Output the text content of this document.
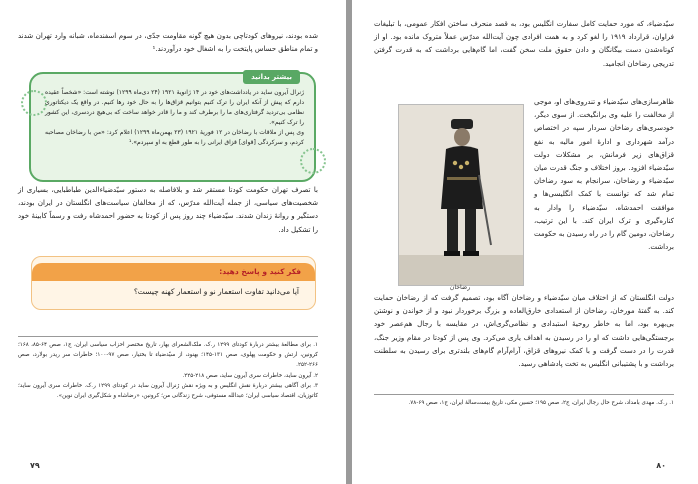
شده بودند، نیروهای کودتاچی بدون هیچ گونه مقاومت جدّی، در سوم اسفندماه، شبانه وارد تهران شدند و تمام مناطق حساس پایتخت را به اشغال خود درآوردند.¹

بیشتر بدانید

ژنرال آیرون ساید در یادداشت‌های خود در ۱۴ ژانویهٔ ۱۹۲۱ (۲۴ دی‌ماه ۱۲۹۹) نوشته است: «شخصاً عقیده دارم که پیش از آنکه ایران را ترک کنیم بتوانیم قزاق‌ها را به حال خود رها کنیم. در واقع یک دیکتاتوری نظامی بی‌تردید گرفتاری‌های ما را برطرف کند و ما را قادر خواهد ساخت که بی‌هیچ دردسری، این کشور را ترک کنیم».

وی پس از ملاقات با رضاخان در ۱۲ فوریهٔ ۱۹۲۱ (۲۳ بهمن‌ماه ۱۲۹۹) اعلام کرد: «من با رضاخان مصاحبه کردم، و سرکردگی [قوای] قزاق ایرانی را به طور قطع به او سپردم».¹

با تصرف تهران حکومت کودتا مستقر شد و بلافاصله به دستور سیّدضیاءالدین طباطبایی، بسیاری از شخصیت‌های سیاسی، از جمله آیت‌الله مدرّس، که از مخالفان سیاست‌های انگلستان در ایران بودند، دستگیر و روانهٔ زندان شدند. سیّدضیاء چند روز پس از کودتا به حضور احمدشاه رفت و رسماً کابینهٔ خود را تشکیل داد.

فکر کنید و پاسخ دهید:
آیا می‌دانید تفاوت استعمار نو و استعمار کهنه چیست؟

۱. برای مطالعهٔ بیشتر دربارهٔ کودتای ۱۲۹۹ ر.ک. ملک‌الشعرای بهار، تاریخ مختصر احزاب سیاسی ایران، ج۱، صص ۶۴-۸۵، ۱۶۸؛ کرونین، ارتش و حکومت پهلوی، صص ۱۳۱-۱۴۵؛ بهنود، از سیّدضیاء تا بختیار، صص ۹۷-۱۰۰؛ خاطرات سر ریدر بولارد، صص ۲۶۶-۲۵۲.

۲. آیرون ساید، خاطرات سری آیرون ساید، صص ۲۱۸-۲۲۵.

۳. برای آگاهی بیشتر دربارهٔ نقش انگلیس و به ویژه نقش ژنرال آیرون ساید در کودتای ۱۲۹۹ ر.ک. خاطرات سری آیرون ساید؛ کاتوزیان، اقتصاد سیاسی ایران؛ عبدالله مستوفی، شرح زندگانی من؛ کرونین، «رضاشاه و شکل‌گیری ایران نوین».

۷۹

سیّدضیاء، که مورد حمایت کامل سفارت انگلیس بود، به قصد منحرف ساختن افکار عمومی، با تبلیغات فراوان، قرارداد ۱۹۱۹ را لغو کرد و به همت افرادی چون آیت‌الله مدرّس عملاً متروک مانده بود. او از کوتاه‌شدن دست بیگانگان و دادن حقوق ملت سخن گفت، اما گام‌هایی برداشت که به قدرت گرفتن تدریجی رضاخان انجامید.

ظاهرسازی‌های سیّدضیاء و تندروی‌های او، موجی از مخالفت را علیه وی برانگیخت. از سوی دیگر، خودسری‌های رضاخان سردار سپه در اختصاص درآمد شهرداری و ادارهٔ امور مالیه به نفع قزاق‌های زیر فرمانش، بر مشکلات دولت سیّدضیاء افزود. بروز اختلاف و جنگ قدرت میان سیّدضیاء و رضاخان، سرانجام به سود رضاخان تمام شد که توانست با کمک انگلیسی‌ها و موافقت احمدشاه، سیّدضیاء را وادار به کناره‌گیری و ترک ایران کند. با این ترتیب، رضاخان، دومین گام را در راه رسیدن به حکومت برداشت.

رضاخان

دولت انگلستان که از اختلاف میان سیّدضیاء و رضاخان آگاه بود، تصمیم گرفت که از رضاخان حمایت کند. به گفتهٔ مورخان، رضاخان از استعدادی خارق‌العاده و بزرگ برخوردار نبود و از خواندن و نوشتن بی‌بهره بود، اما به خاطر روحیهٔ استبدادی و نظامی‌گری‌اش، در مقایسه با رجال هم‌عصر خود برجستگی‌هایی داشت که او را در رسیدن به اهداف یاری می‌کرد. وی پس از کودتا در مقام وزیر جنگ، قدرت را در دست گرفت و با کمک نیروهای قزاق، آرام‌آرام گام‌های بلندتری برای رسیدن به سلطنت برداشت و با پشتیبانی انگلیس به تخت پادشاهی رسید.

۱. ر.ک. مهدی بامداد، شرح حال رجال ایران، ج۲، صص ۱۹۵؛ حسین مکی، تاریخ بیست‌سالهٔ ایران، ج۱، صص ۶۹-۷۸.

۸۰
